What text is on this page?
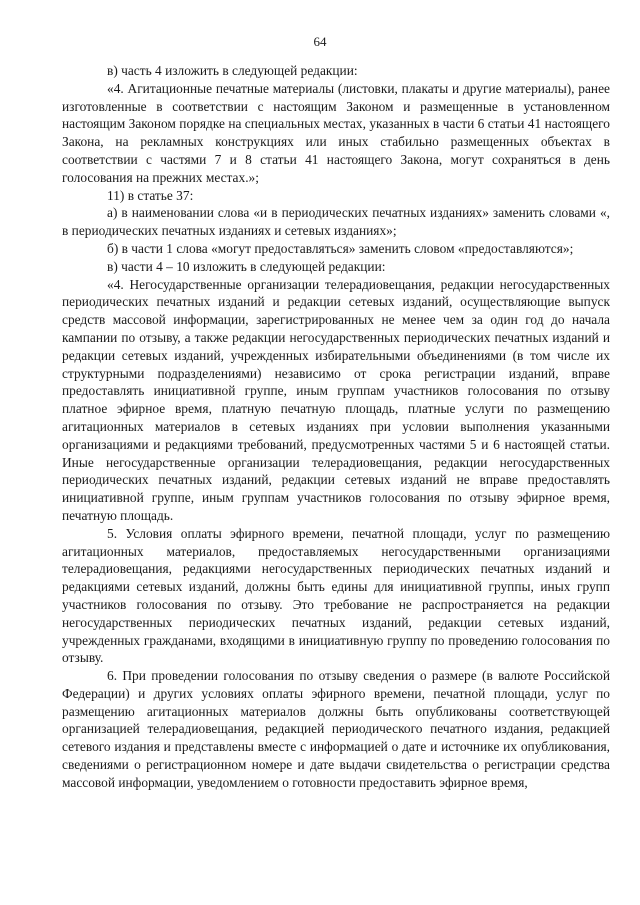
64

в) часть 4 изложить в следующей редакции:

«4. Агитационные печатные материалы (листовки, плакаты и другие материалы), ранее изготовленные в соответствии с настоящим Законом и размещенные в установленном настоящим Законом порядке на специальных местах, указанных в части 6 статьи 41 настоящего Закона, на рекламных конструкциях или иных стабильно размещенных объектах в соответствии с частями 7 и 8 статьи 41 настоящего Закона, могут сохраняться в день голосования на прежних местах.»;

11) в статье 37:

а) в наименовании слова «и в периодических печатных изданиях» заменить словами «, в периодических печатных изданиях и сетевых изданиях»;

б) в части 1 слова «могут предоставляться» заменить словом «предоставляются»;

в) части 4 – 10 изложить в следующей редакции:

«4. Негосударственные организации телерадиовещания, редакции негосударственных периодических печатных изданий и редакции сетевых изданий, осуществляющие выпуск средств массовой информации, зарегистрированных не менее чем за один год до начала кампании по отзыву, а также редакции негосударственных периодических печатных изданий и редакции сетевых изданий, учрежденных избирательными объединениями (в том числе их структурными подразделениями) независимо от срока регистрации изданий, вправе предоставлять инициативной группе, иным группам участников голосования по отзыву платное эфирное время, платную печатную площадь, платные услуги по размещению агитационных материалов в сетевых изданиях при условии выполнения указанными организациями и редакциями требований, предусмотренных частями 5 и 6 настоящей статьи. Иные негосударственные организации телерадиовещания, редакции негосударственных периодических печатных изданий, редакции сетевых изданий не вправе предоставлять инициативной группе, иным группам участников голосования по отзыву эфирное время, печатную площадь.

5. Условия оплаты эфирного времени, печатной площади, услуг по размещению агитационных материалов, предоставляемых негосударственными организациями телерадиовещания, редакциями негосударственных периодических печатных изданий и редакциями сетевых изданий, должны быть едины для инициативной группы, иных групп участников голосования по отзыву. Это требование не распространяется на редакции негосударственных периодических печатных изданий, редакции сетевых изданий, учрежденных гражданами, входящими в инициативную группу по проведению голосования по отзыву.

6. При проведении голосования по отзыву сведения о размере (в валюте Российской Федерации) и других условиях оплаты эфирного времени, печатной площади, услуг по размещению агитационных материалов должны быть опубликованы соответствующей организацией телерадиовещания, редакцией периодического печатного издания, редакцией сетевого издания и представлены вместе с информацией о дате и источнике их опубликования, сведениями о регистрационном номере и дате выдачи свидетельства о регистрации средства массовой информации, уведомлением о готовности предоставить эфирное время,
